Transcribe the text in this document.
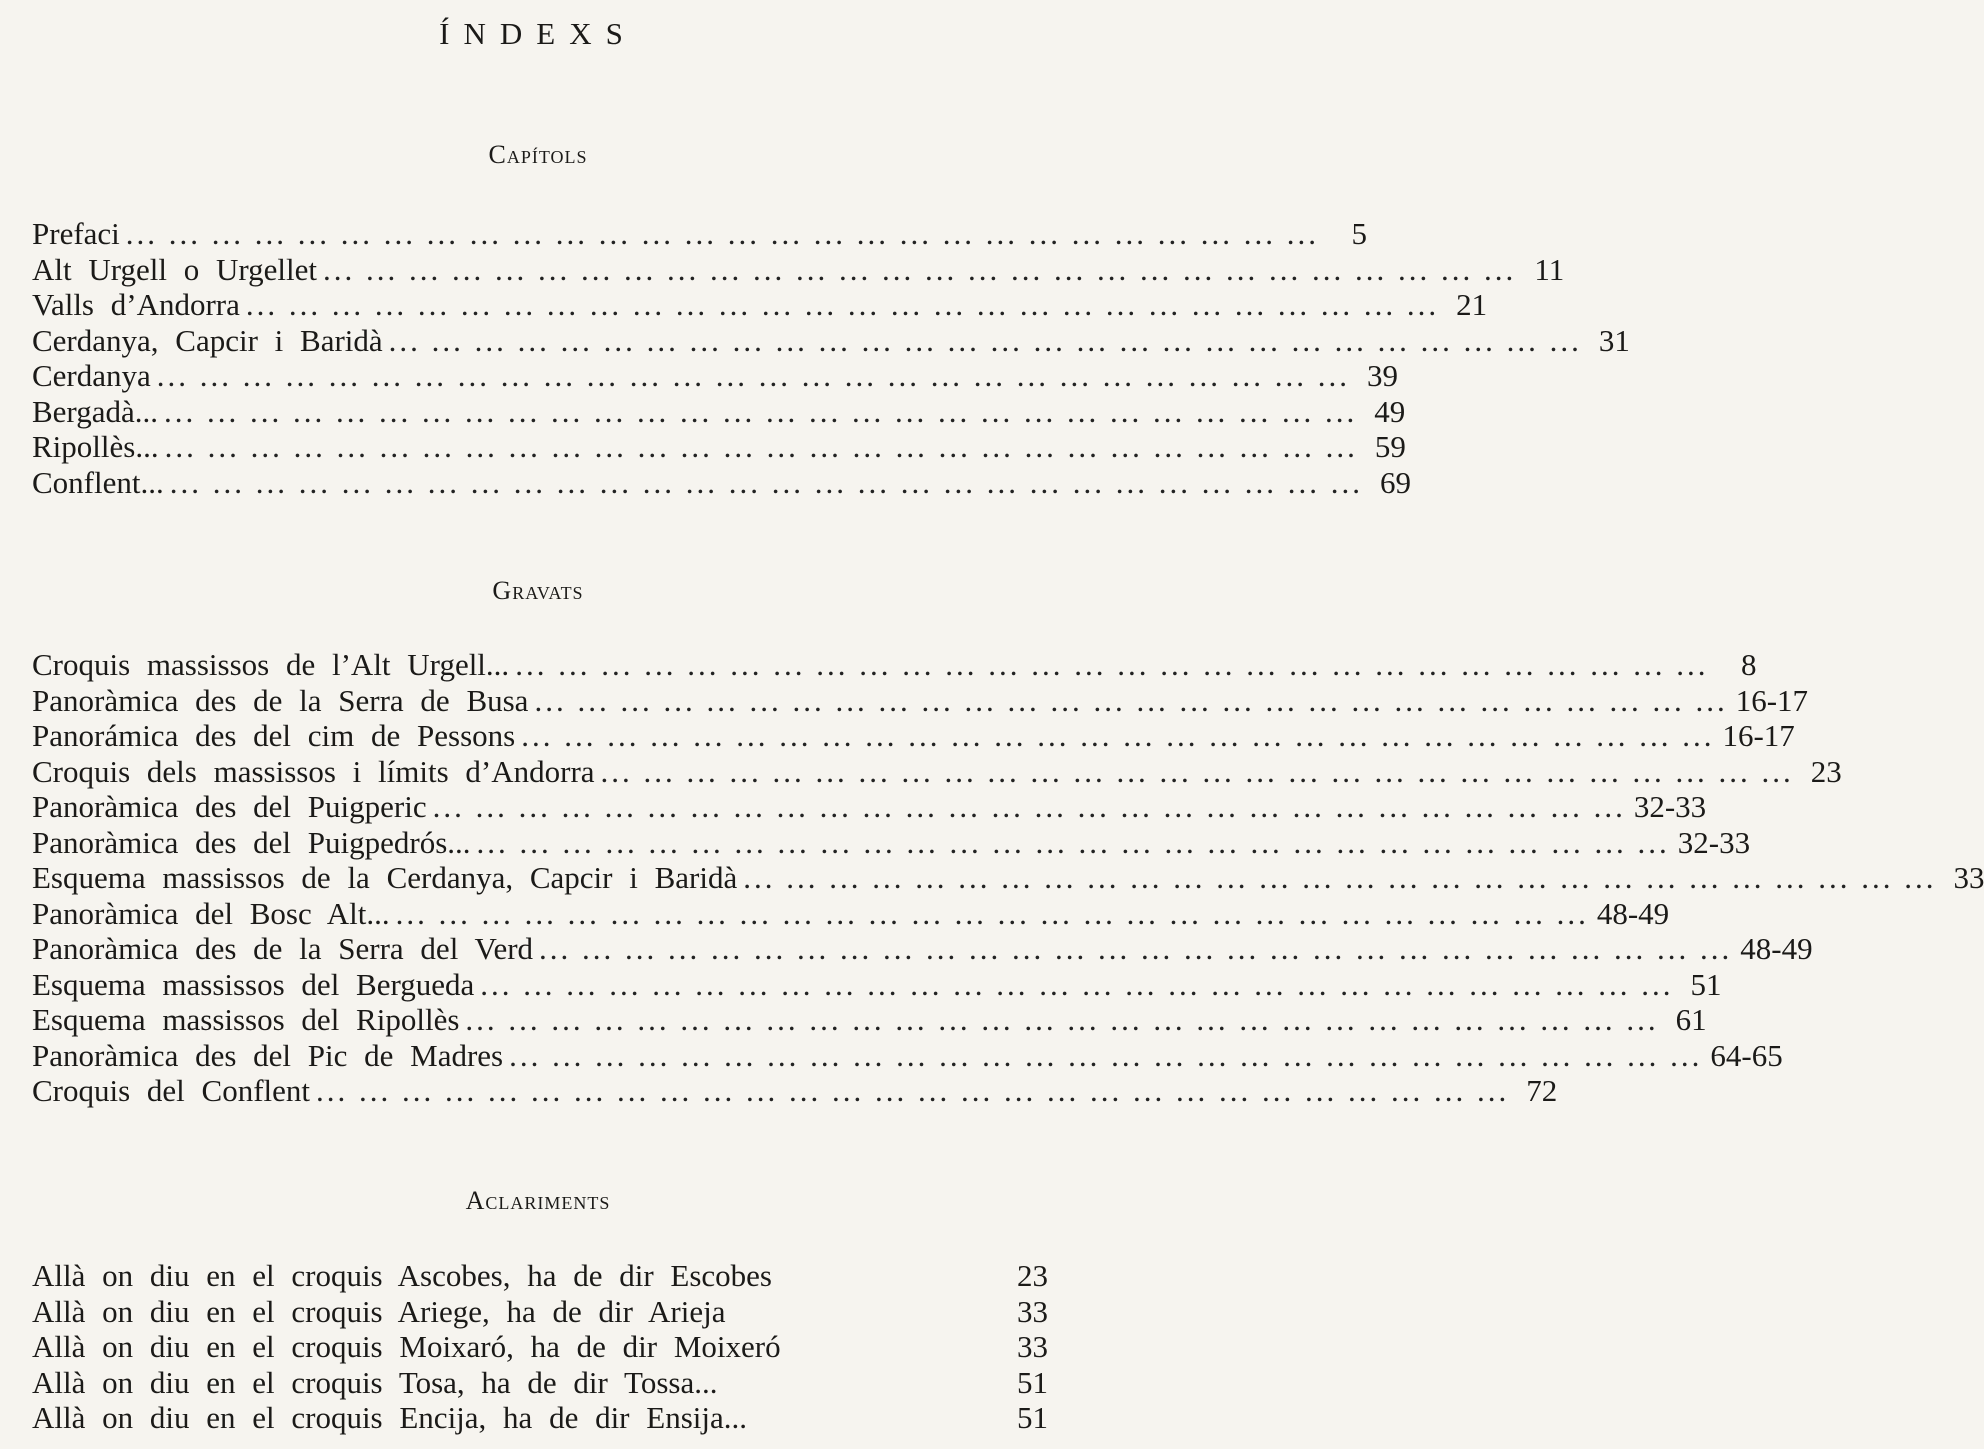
ÍNDEXS
Capítols
Prefaci ... .	5
Alt Urgell o Urgellet ... .	11
Valls d’Andorra ... .	21
Cerdanya, Capcir i Baridà ... .	31
Cerdanya ... .	39
Bergadà... ... .	49
Ripollès... ... .	59
Conflent... ... .	69
Gravats
Croquis massissos de l’Alt Urgell... ... .	8
Panoràmica des de la Serra de Busa ... .	16-17
Panorámica des del cim de Pessons ... .	16-17
Croquis dels massissos i límits d’Andorra ... .	23
Panoràmica des del Puigperic ... .	32-33
Panoràmica des del Puigpedrós... ... .	32-33
Esquema massissos de la Cerdanya, Capcir i Baridà ... .	33
Panoràmica del Bosc Alt... ... .	48-49
Panoràmica des de la Serra del Verd ... .	48-49
Esquema massissos del Bergueda ... .	51
Esquema massissos del Ripollès ... .	61
Panoràmica des del Pic de Madres ... .	64-65
Croquis del Conflent ... .	72
Aclariments
Allà on diu en el croquis Ascobes, ha de dir Escobes	23
Allà on diu en el croquis Ariege, ha de dir Arieja	33
Allà on diu en el croquis Moixaró, ha de dir Moixeró	33
Allà on diu en el croquis Tosa, ha de dir Tossa...	51
Allà on diu en el croquis Encija, ha de dir Ensija...	51
